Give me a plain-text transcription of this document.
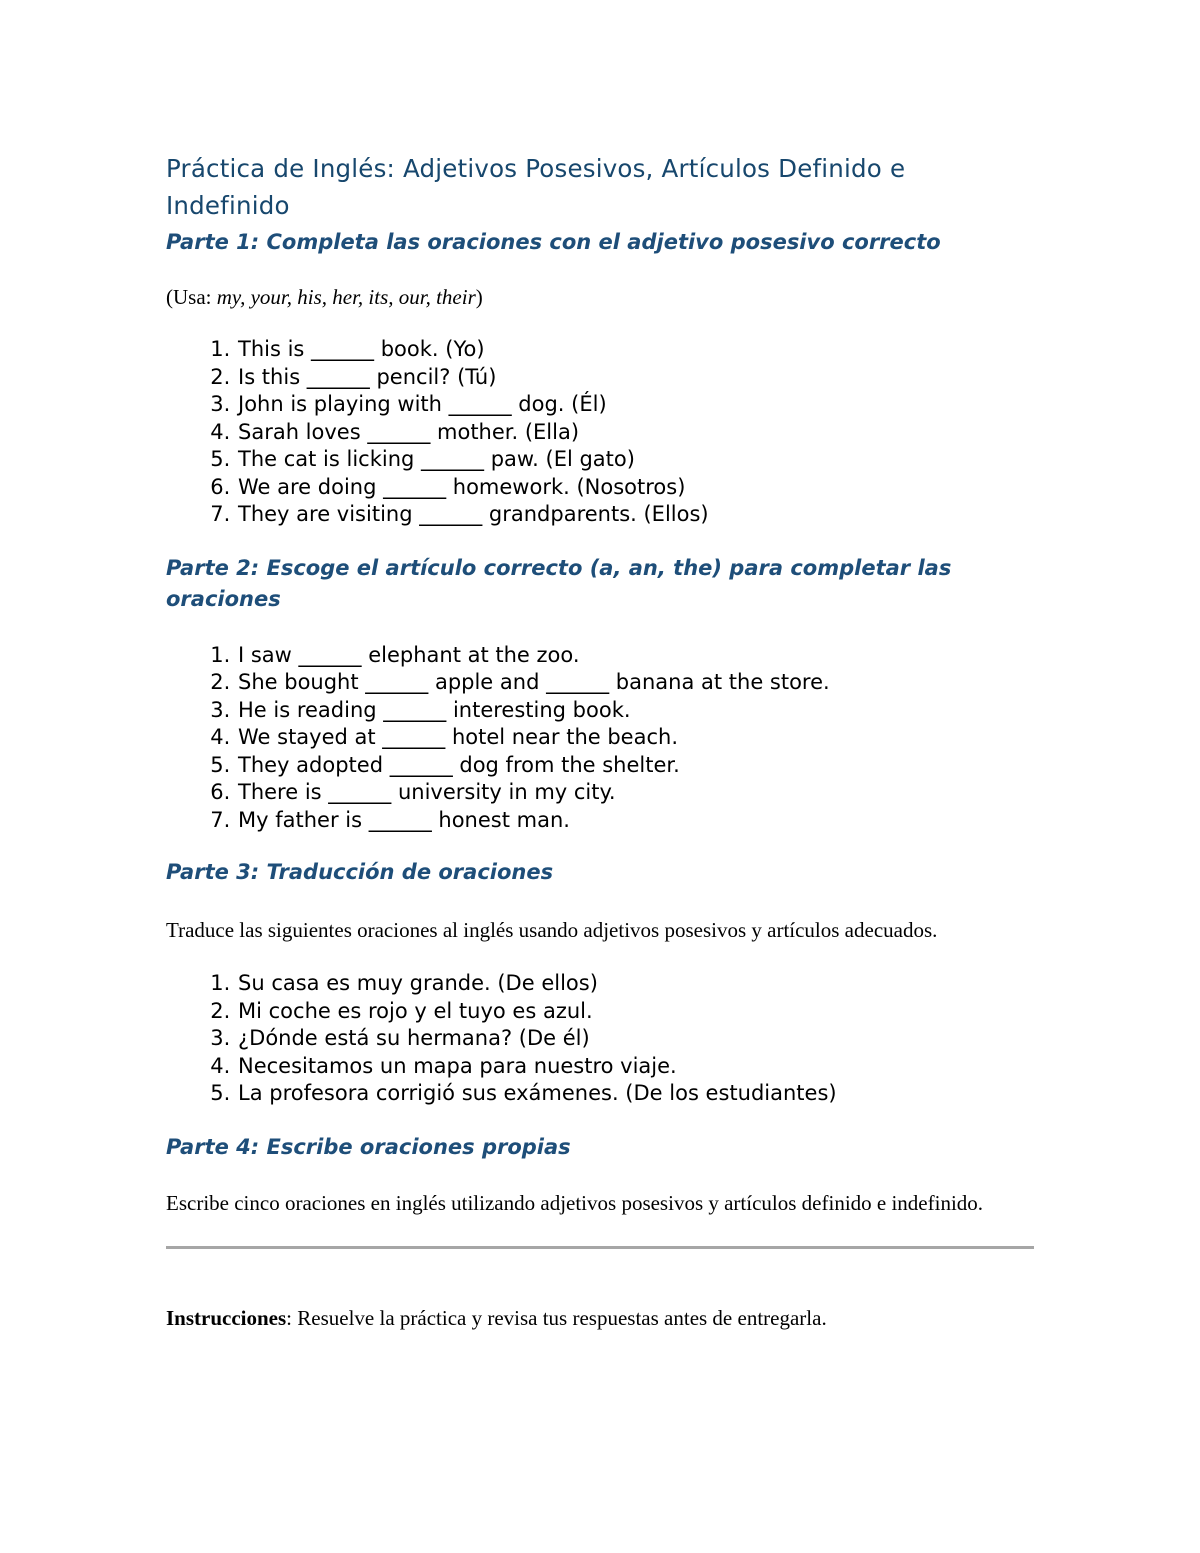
Práctica de Inglés: Adjetivos Posesivos, Artículos Definido e Indefinido
Parte 1: Completa las oraciones con el adjetivo posesivo correcto

(Usa: my, your, his, her, its, our, their)

1. This is ______ book. (Yo)
2. Is this ______ pencil? (Tú)
3. John is playing with ______ dog. (Él)
4. Sarah loves ______ mother. (Ella)
5. The cat is licking ______ paw. (El gato)
6. We are doing ______ homework. (Nosotros)
7. They are visiting ______ grandparents. (Ellos)
Parte 2: Escoge el artículo correcto (a, an, the) para completar las oraciones
1. I saw ______ elephant at the zoo.
2. She bought ______ apple and ______ banana at the store.
3. He is reading ______ interesting book.
4. We stayed at ______ hotel near the beach.
5. They adopted ______ dog from the shelter.
6. There is ______ university in my city.
7. My father is ______ honest man.
Parte 3: Traducción de oraciones

Traduce las siguientes oraciones al inglés usando adjetivos posesivos y artículos adecuados.

1. Su casa es muy grande. (De ellos)
2. Mi coche es rojo y el tuyo es azul.
3. ¿Dónde está su hermana? (De él)
4. Necesitamos un mapa para nuestro viaje.
5. La profesora corrigió sus exámenes. (De los estudiantes)
Parte 4: Escribe oraciones propias

Escribe cinco oraciones en inglés utilizando adjetivos posesivos y artículos definido e indefinido.

Instrucciones: Resuelve la práctica y revisa tus respuestas antes de entregarla.
